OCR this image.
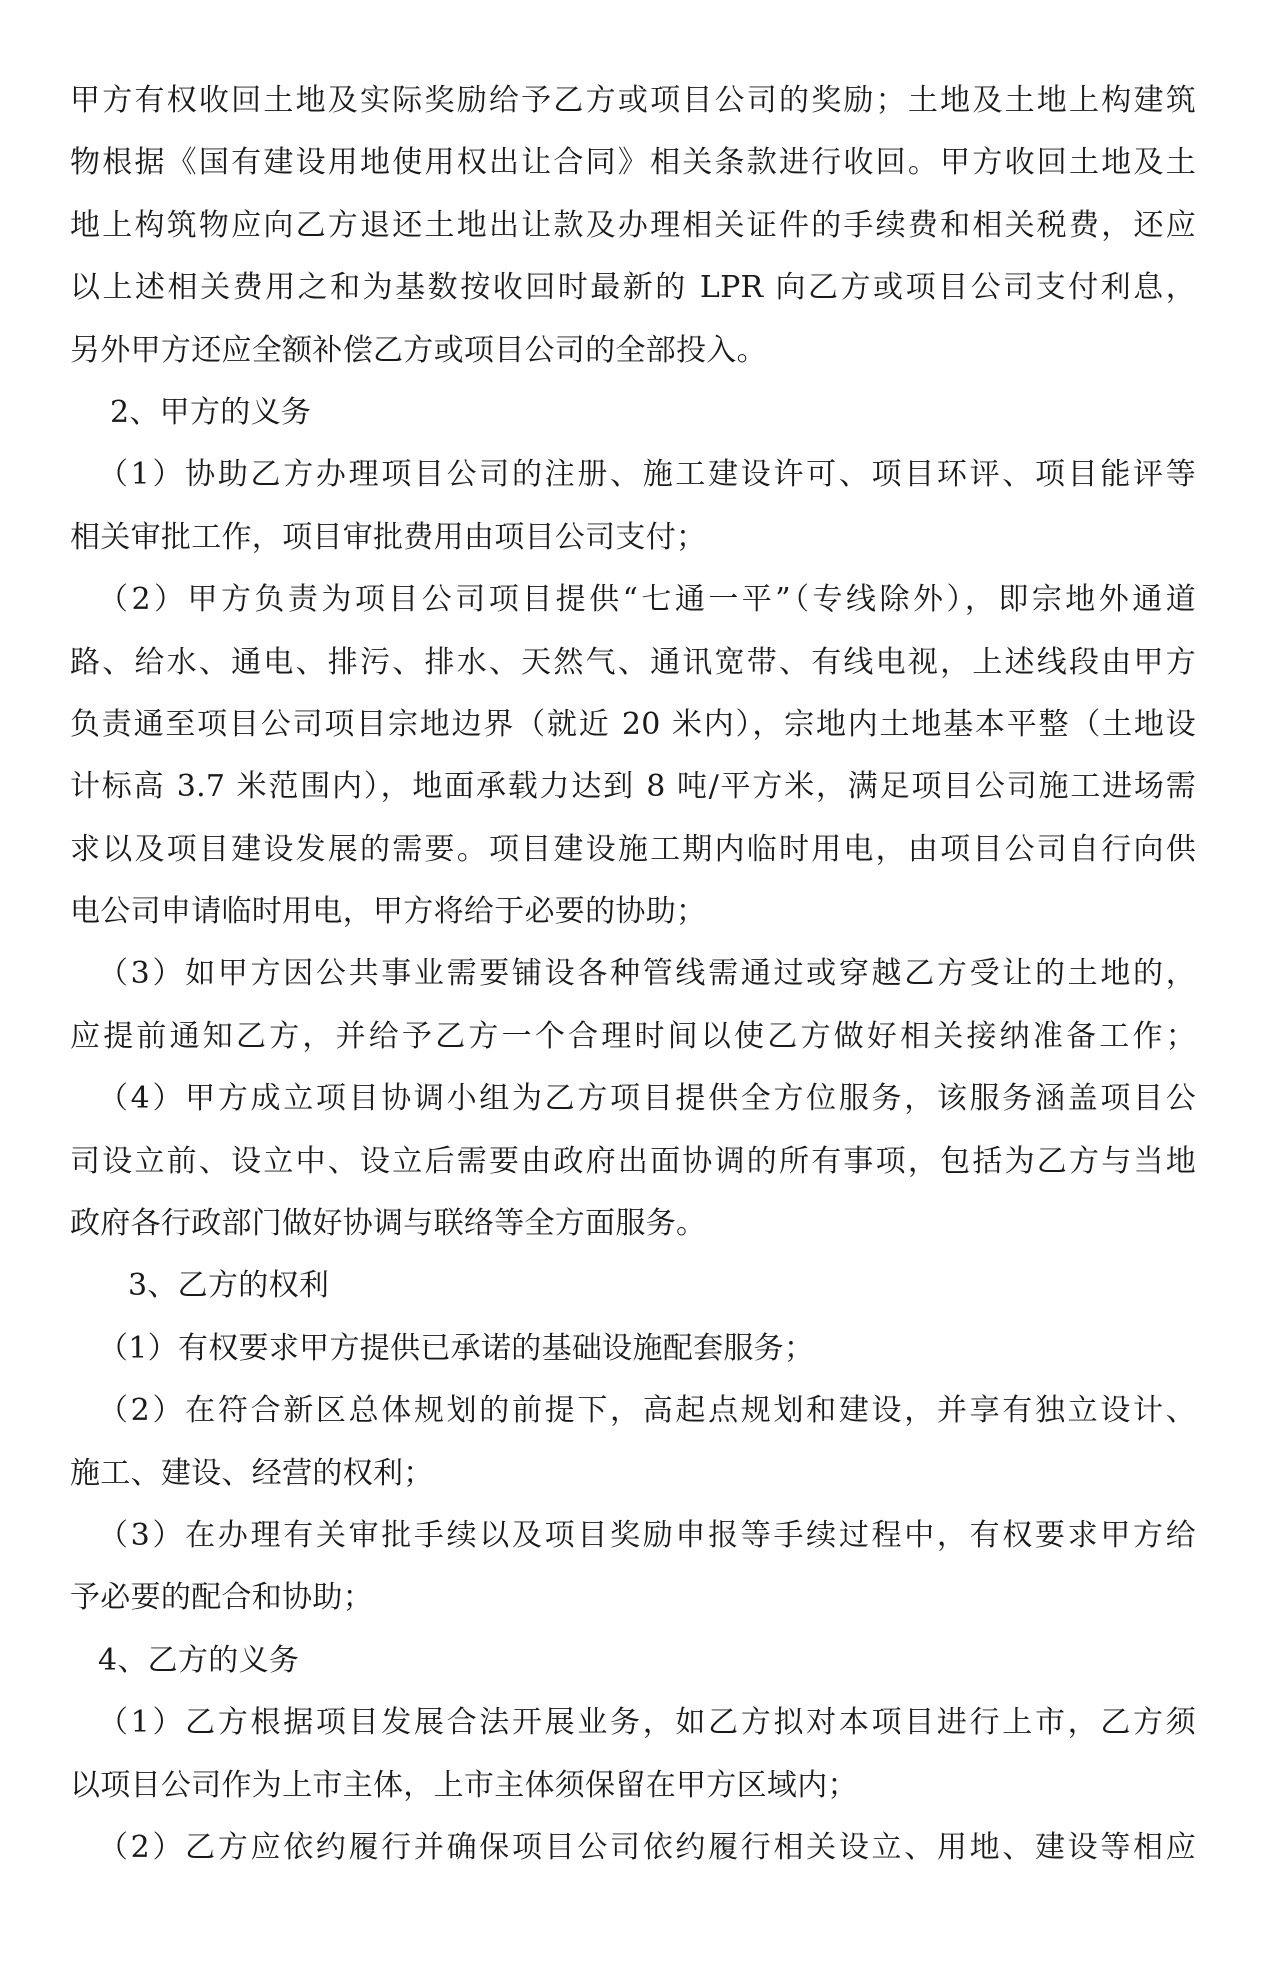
甲方有权收回土地及实际奖励给予乙方或项目公司的奖励；土地及土地上构建筑
物根据《国有建设用地使用权出让合同》相关条款进行收回。甲方收回土地及土
地上构筑物应向乙方退还土地出让款及办理相关证件的手续费和相关税费，还应
以上述相关费用之和为基数按收回时最新的 LPR 向乙方或项目公司支付利息，
另外甲方还应全额补偿乙方或项目公司的全部投入。
2、甲方的义务
（1）协助乙方办理项目公司的注册、施工建设许可、项目环评、项目能评等
相关审批工作，项目审批费用由项目公司支付；
（2）甲方负责为项目公司项目提供“七通一平”（专线除外），即宗地外通道
路、给水、通电、排污、排水、天然气、通讯宽带、有线电视，上述线段由甲方
负责通至项目公司项目宗地边界（就近 20 米内），宗地内土地基本平整（土地设
计标高 3.7 米范围内），地面承载力达到 8 吨/平方米，满足项目公司施工进场需
求以及项目建设发展的需要。项目建设施工期内临时用电，由项目公司自行向供
电公司申请临时用电，甲方将给于必要的协助；
（3）如甲方因公共事业需要铺设各种管线需通过或穿越乙方受让的土地的，
应提前通知乙方，并给予乙方一个合理时间以使乙方做好相关接纳准备工作；
（4）甲方成立项目协调小组为乙方项目提供全方位服务，该服务涵盖项目公
司设立前、设立中、设立后需要由政府出面协调的所有事项，包括为乙方与当地
政府各行政部门做好协调与联络等全方面服务。
3、乙方的权利
（1）有权要求甲方提供已承诺的基础设施配套服务；
（2）在符合新区总体规划的前提下，高起点规划和建设，并享有独立设计、
施工、建设、经营的权利；
（3）在办理有关审批手续以及项目奖励申报等手续过程中，有权要求甲方给
予必要的配合和协助；
4、乙方的义务
（1）乙方根据项目发展合法开展业务，如乙方拟对本项目进行上市，乙方须
以项目公司作为上市主体，上市主体须保留在甲方区域内；
（2）乙方应依约履行并确保项目公司依约履行相关设立、用地、建设等相应
